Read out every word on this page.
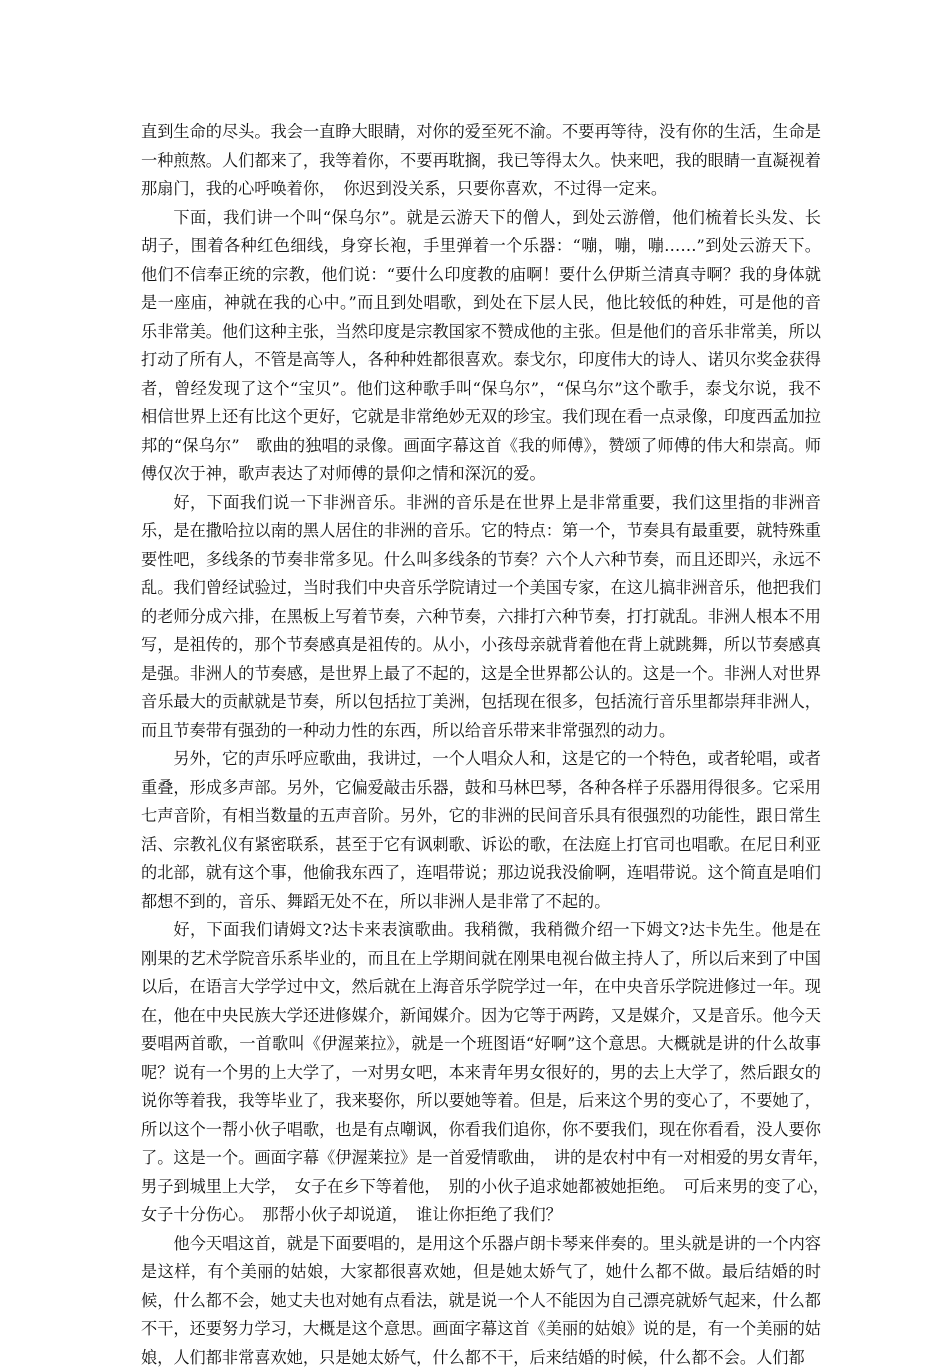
直到生命的尽头。我会一直睁大眼睛，对你的爱至死不渝。不要再等待，没有你的生活，生命是一种煎熬。人们都来了，我等着你，不要再耽搁，我已等得太久。快来吧，我的眼睛一直凝视着那扇门，我的心呼唤着你，　你迟到没关系，只要你喜欢，不过得一定来。

下面，我们讲一个叫“保乌尔”。就是云游天下的僧人，到处云游僧，他们梳着长头发、长胡子，围着各种红色细线，身穿长袍，手里弹着一个乐器：“嘣，嘣，嘣……”到处云游天下。他们不信奉正统的宗教，他们说：“要什么印度教的庙啊！要什么伊斯兰清真寺啊？我的身体就是一座庙，神就在我的心中。”而且到处唱歌，到处在下层人民，他比较低的种姓，可是他的音乐非常美。他们这种主张，当然印度是宗教国家不赞成他的主张。但是他们的音乐非常美，所以打动了所有人，不管是高等人，各种种姓都很喜欢。泰戈尔，印度伟大的诗人、诺贝尔奖金获得者，曾经发现了这个“宝贝”。他们这种歌手叫“保乌尔”，“保乌尔”这个歌手，泰戈尔说，我不相信世界上还有比这个更好，它就是非常绝妙无双的珍宝。我们现在看一点录像，印度西孟加拉邦的“保乌尔”　歌曲的独唱的录像。画面字幕这首《我的师傅》，赞颂了师傅的伟大和崇高。师傅仅次于神，歌声表达了对师傅的景仰之情和深沉的爱。

好，下面我们说一下非洲音乐。非洲的音乐是在世界上是非常重要，我们这里指的非洲音乐，是在撒哈拉以南的黑人居住的非洲的音乐。它的特点：第一个，节奏具有最重要，就特殊重要性吧，多线条的节奏非常多见。什么叫多线条的节奏？六个人六种节奏，而且还即兴，永远不乱。我们曾经试验过，当时我们中央音乐学院请过一个美国专家，在这儿搞非洲音乐，他把我们的老师分成六排，在黑板上写着节奏，六种节奏，六排打六种节奏，打打就乱。非洲人根本不用写，是祖传的，那个节奏感真是祖传的。从小，小孩母亲就背着他在背上就跳舞，所以节奏感真是强。非洲人的节奏感，是世界上最了不起的，这是全世界都公认的。这是一个。非洲人对世界音乐最大的贡献就是节奏，所以包括拉丁美洲，包括现在很多，包括流行音乐里都崇拜非洲人，而且节奏带有强劲的一种动力性的东西，所以给音乐带来非常强烈的动力。

另外，它的声乐呼应歌曲，我讲过，一个人唱众人和，这是它的一个特色，或者轮唱，或者重叠，形成多声部。另外，它偏爱敲击乐器，鼓和马林巴琴，各种各样子乐器用得很多。它采用七声音阶，有相当数量的五声音阶。另外，它的非洲的民间音乐具有很强烈的功能性，跟日常生活、宗教礼仪有紧密联系，甚至于它有讽刺歌、诉讼的歌，在法庭上打官司也唱歌。在尼日利亚的北部，就有这个事，他偷我东西了，连唱带说；那边说我没偷啊，连唱带说。这个简直是咱们都想不到的，音乐、舞蹈无处不在，所以非洲人是非常了不起的。

好，下面我们请姆文?达卡来表演歌曲。我稍微，我稍微介绍一下姆文?达卡先生。他是在刚果的艺术学院音乐系毕业的，而且在上学期间就在刚果电视台做主持人了，所以后来到了中国以后，在语言大学学过中文，然后就在上海音乐学院学过一年，在中央音乐学院进修过一年。现在，他在中央民族大学还进修媒介，新闻媒介。因为它等于两跨，又是媒介，又是音乐。他今天要唱两首歌，一首歌叫《伊渥莱拉》，就是一个班图语“好啊”这个意思。大概就是讲的什么故事呢？说有一个男的上大学了，一对男女吧，本来青年男女很好的，男的去上大学了，然后跟女的说你等着我，我等毕业了，我来娶你，所以要她等着。但是，后来这个男的变心了，不要她了，所以这个一帮小伙子唱歌，也是有点嘲讽，你看我们追你，你不要我们，现在你看看，没人要你了。这是一个。画面字幕《伊渥莱拉》是一首爱情歌曲，　讲的是农村中有一对相爱的男女青年，　男子到城里上大学，　女子在乡下等着他，　别的小伙子追求她都被她拒绝。　可后来男的变了心，　女子十分伤心。　那帮小伙子却说道，　谁让你拒绝了我们？

他今天唱这首，就是下面要唱的，是用这个乐器卢朗卡琴来伴奏的。里头就是讲的一个内容是这样，有个美丽的姑娘，大家都很喜欢她，但是她太娇气了，她什么都不做。最后结婚的时候，什么都不会，她丈夫也对她有点看法，就是说一个人不能因为自己漂亮就娇气起来，什么都不干，还要努力学习，大概是这个意思。画面字幕这首《美丽的姑娘》说的是，有一个美丽的姑娘，人们都非常喜欢她，只是她太娇气，什么都不干，后来结婚的时候，什么都不会。人们都
